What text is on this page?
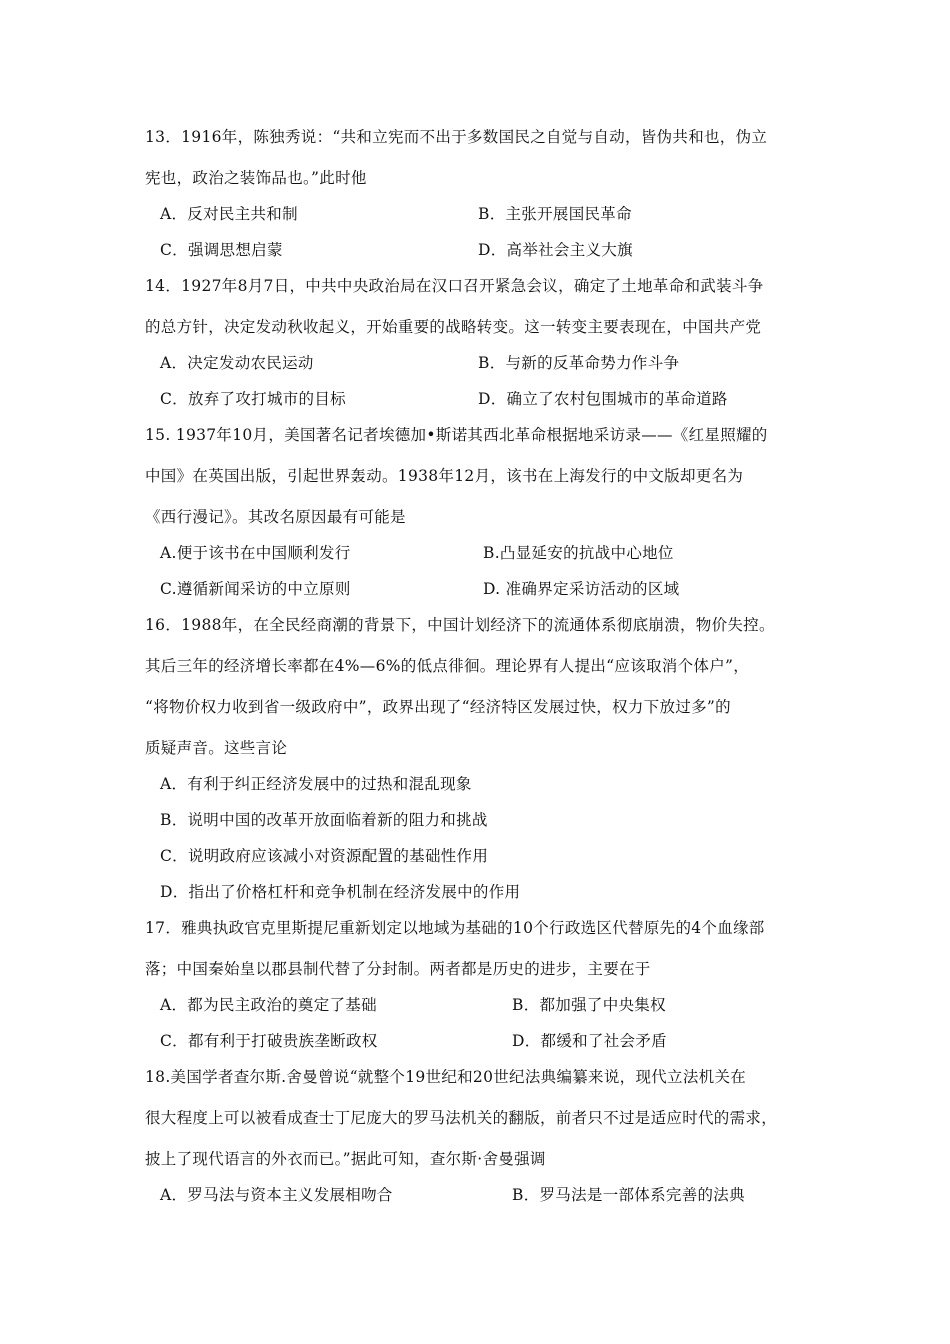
13．1916年，陈独秀说：“共和立宪而不出于多数国民之自觉与自动，皆伪共和也，伪立
宪也，政治之装饰品也。”此时他
A．反对民主共和制	B．主张开展国民革命
C．强调思想启蒙	D．高举社会主义大旗
14．1927年8月7日，中共中央政治局在汉口召开紧急会议，确定了土地革命和武装斗争
的总方针，决定发动秋收起义，开始重要的战略转变。这一转变主要表现在，中国共产党
A．决定发动农民运动	B．与新的反革命势力作斗争
C．放弃了攻打城市的目标	D．确立了农村包围城市的革命道路
15. 1937年10月，美国著名记者埃德加•斯诺其西北革命根据地采访录——《红星照耀的
中国》在英国出版，引起世界轰动。1938年12月，该书在上海发行的中文版却更名为
《西行漫记》。其改名原因最有可能是
A.便于该书在中国顺利发行	B.凸显延安的抗战中心地位
C.遵循新闻采访的中立原则	D. 准确界定采访活动的区域
16．1988年，在全民经商潮的背景下，中国计划经济下的流通体系彻底崩溃，物价失控。
其后三年的经济增长率都在4%—6%的低点徘徊。理论界有人提出“应该取消个体户”，
“将物价权力收到省一级政府中”，政界出现了“经济特区发展过快，权力下放过多”的
质疑声音。这些言论
A．有利于纠正经济发展中的过热和混乱现象
B．说明中国的改革开放面临着新的阻力和挑战
C．说明政府应该减小对资源配置的基础性作用
D．指出了价格杠杆和竞争机制在经济发展中的作用
17．雅典执政官克里斯提尼重新划定以地域为基础的10个行政选区代替原先的4个血缘部
落；中国秦始皇以郡县制代替了分封制。两者都是历史的进步，主要在于
A．都为民主政治的奠定了基础	B．都加强了中央集权
C．都有利于打破贵族垄断政权	D．都缓和了社会矛盾
18.美国学者查尔斯.舍曼曾说“就整个19世纪和20世纪法典编纂来说，现代立法机关在
很大程度上可以被看成查士丁尼庞大的罗马法机关的翻版，前者只不过是适应时代的需求，
披上了现代语言的外衣而已。”据此可知，查尔斯·舍曼强调
A．罗马法与资本主义发展相吻合	B．罗马法是一部体系完善的法典
